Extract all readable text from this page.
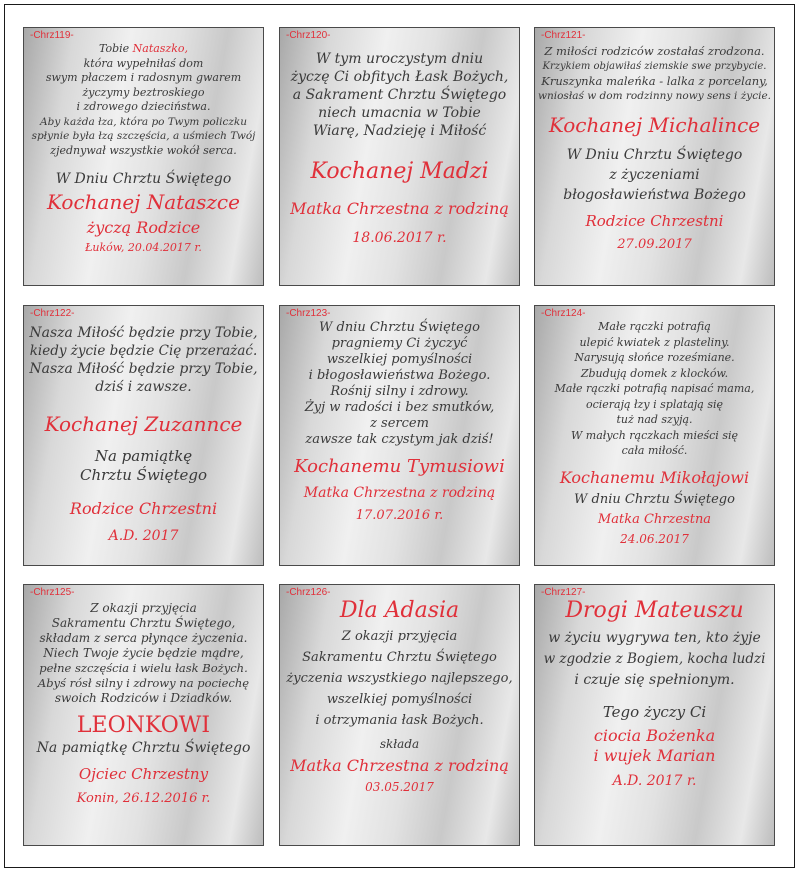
-Chrz119-
Tobie Nataszko,
która wypełniłaś dom
swym płaczem i radosnym gwarem
życzymy beztroskiego
i zdrowego dzieciństwa.
Aby każda łza, która po Twym policzku
spłynie była łzą szczęścia, a uśmiech Twój
zjednywał wszystkie wokół serca.
W Dniu Chrztu Świętego
Kochanej Nataszce
życzą Rodzice
Łuków, 20.04.2017 r.
-Chrz120-
W tym uroczystym dniu
życzę Ci obfitych Łask Bożych,
a Sakrament Chrztu Świętego
niech umacnia w Tobie
Wiarę, Nadzieję i Miłość
Kochanej Madzi
Matka Chrzestna z rodziną
18.06.2017 r.
-Chrz121-
Z miłości rodziców zostałaś zrodzona.
Krzykiem objawiłaś ziemskie swe przybycie.
Kruszynka maleńka - lalka z porcelany,
wniosłaś w dom rodzinny nowy sens i życie.
Kochanej Michalince
W Dniu Chrztu Świętego
z życzeniami
błogosławieństwa Bożego
Rodzice Chrzestni
27.09.2017
-Chrz122-
Nasza Miłość będzie przy Tobie,
kiedy życie będzie Cię przerażać.
Nasza Miłość będzie przy Tobie,
dziś i zawsze.
Kochanej Zuzannce
Na pamiątkę
Chrztu Świętego
Rodzice Chrzestni
A.D. 2017
-Chrz123-
W dniu Chrztu Świętego
pragniemy Ci życzyć
wszelkiej pomyślności
i błogosławieństwa Bożego.
Rośnij silny i zdrowy.
Żyj w radości i bez smutków,
z sercem
zawsze tak czystym jak dziś!
Kochanemu Tymusiowi
Matka Chrzestna z rodziną
17.07.2016 r.
-Chrz124-
Małe rączki potrafią
ulepić kwiatek z plasteliny.
Narysują słońce roześmiane.
Zbudują domek z klocków.
Małe rączki potrafią napisać mama,
ocierają łzy i splatają się
tuż nad szyją.
W małych rączkach mieści się
cała miłość.
Kochanemu Mikołajowi
W dniu Chrztu Świętego
Matka Chrzestna
24.06.2017
-Chrz125-
Z okazji przyjęcia
Sakramentu Chrztu Świętego,
składam z serca płynące życzenia.
Niech Twoje życie będzie mądre,
pełne szczęścia i wielu łask Bożych.
Abyś rósł silny i zdrowy na pociechę
swoich Rodziców i Dziadków.
LEONKOWI
Na pamiątkę Chrztu Świętego
Ojciec Chrzestny
Konin, 26.12.2016 r.
-Chrz126-
Dla Adasia
Z okazji przyjęcia
Sakramentu Chrztu Świętego
życzenia wszystkiego najlepszego,
wszelkiej pomyślności
i otrzymania łask Bożych.
składa
Matka Chrzestna z rodziną
03.05.2017
-Chrz127-
Drogi Mateuszu
w życiu wygrywa ten, kto żyje
w zgodzie z Bogiem, kocha ludzi
i czuje się spełnionym.
Tego życzy Ci
ciocia Bożenka
i wujek Marian
A.D. 2017 r.
